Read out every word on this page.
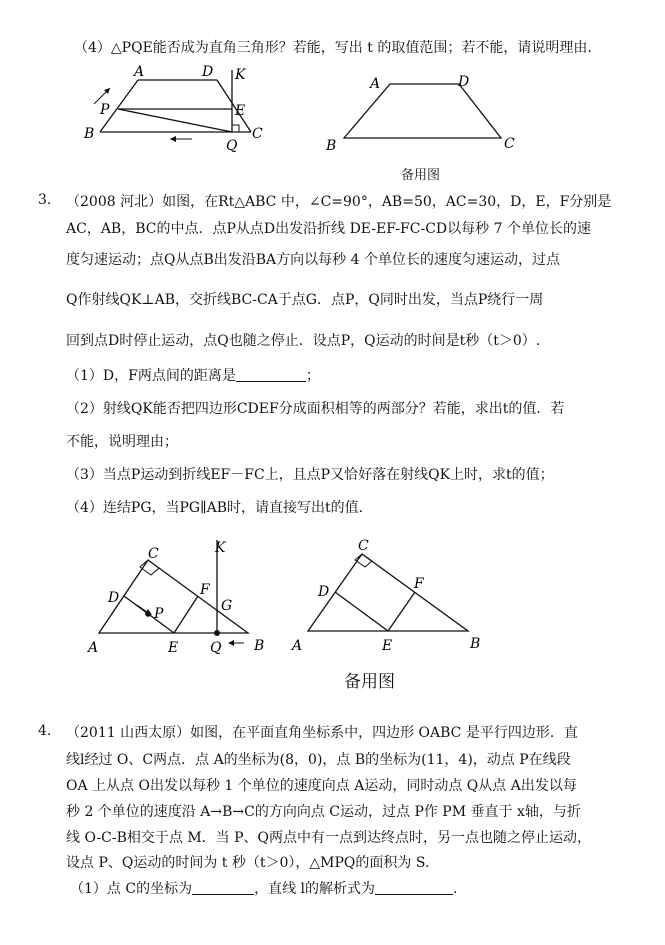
（4）△PQE能否成为直角三角形？若能，写出 t 的取值范围；若不能，请说明理由.
A	D K
P	E
B
Q
C
A	D
B	C
备用图
3. （2008 河北）如图，在Rt△ABC 中，∠C=90°，AB=50，AC=30，D，E，F分别是
AC，AB，BC的中点．点P从点D出发沿折线 DE-EF-FC-CD以每秒 7 个单位长的速
度匀速运动；点Q从点B出发沿BA方向以每秒 4 个单位长的速度匀速运动，过点
Q作射线QK⊥AB，交折线BC-CA于点G．点P，Q同时出发，当点P绕行一周
回到点D时停止运动，点Q也随之停止．设点P，Q运动的时间是t秒（t＞0）.
（1）D，F两点间的距离是	；
（2）射线QK能否把四边形CDEF分成面积相等的两部分？若能，求出t的值．若
不能，说明理由；
（3）当点P运动到折线EF－FC上，且点P又恰好落在射线QK上时，求t的值；
（4）连结PG，当PG∥AB时，请直接写出t的值.
C	K
D
P
F
G
A	E Q B
C
D	F
A	E	B
备用图
4. （2011 山西太原）如图，在平面直角坐标系中，四边形 OABC 是平行四边形．直
线l经过 O、C两点．点 A的坐标为(8，0)，点 B的坐标为(11，4)，动点 P在线段
OA 上从点 O出发以每秒 1 个单位的速度向点 A运动，同时动点 Q从点 A出发以每
秒 2 个单位的速度沿 A→B→C的方向向点 C运动，过点 P作 PM 垂直于 x轴，与折
线 O-C-B相交于点 M．当 P、Q两点中有一点到达终点时，另一点也随之停止运动，
设点 P、Q运动的时间为 t 秒（t＞0），△MPQ的面积为 S.
（1）点 C的坐标为	，直线 l的解析式为	.
